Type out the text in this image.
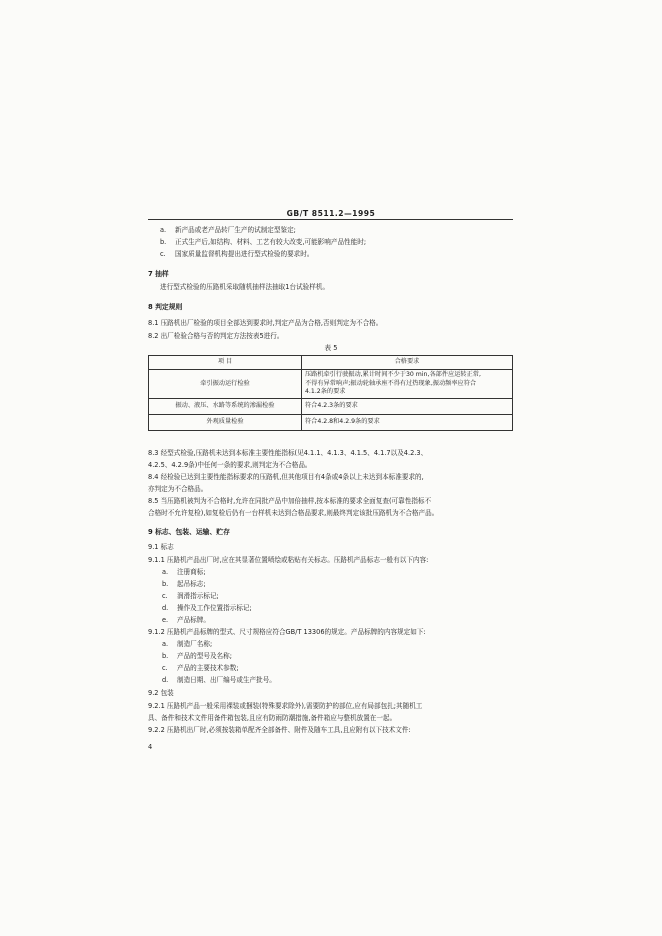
GB/T 8511.2—1995
a. 新产品或老产品转厂生产的试制定型鉴定;
b. 正式生产后,如结构、材料、工艺有较大改变,可能影响产品性能时;
c. 国家质量监督机构提出进行型式检验的要求时。
7 抽样
进行型式检验的压路机采取随机抽样法抽取1台试验样机。
8 判定规则
8.1 压路机出厂检验的项目全部达到要求时,判定产品为合格,否则判定为不合格。
8.2 出厂检验合格与否的判定方法按表5进行。
表 5
项 目	合格要求
牵引振动运行检验	压路机牵引行驶振动,累计时间不少于30 min,各部件应运转正常,
不得有异常响声;振动轮轴承座不得有过热现象,振动频率应符合
4.1.2条的要求

振动、液压、水路等系统的渗漏检验	符合4.2.3条的要求
外观质量检验	符合4.2.8和4.2.9条的要求
8.3 经型式检验,压路机未达到本标准主要性能指标(见4.1.1、4.1.3、4.1.5、4.1.7以及4.2.3、
4.2.5、4.2.9条)中任何一条的要求,则判定为不合格品。
8.4 经检验已达到主要性能指标要求的压路机,但其他项目有4条或4条以上未达到本标准要求的,
亦判定为不合格品。
8.5 当压路机被判为不合格时,允许在同批产品中加倍抽样,按本标准的要求全面复查(可靠性指标不
合格时不允许复检),如复检后仍有一台样机未达到合格品要求,则最终判定该批压路机为不合格产品。
9 标志、包装、运输、贮存
9.1 标志
9.1.1 压路机产品出厂时,应在其显著位置喷绘或粘贴有关标志。压路机产品标志一般有以下内容:
a. 注册商标;
b. 起吊标志;
c. 润滑指示标记;
d. 操作及工作位置指示标记;
e. 产品标牌。
9.1.2 压路机产品标牌的型式、尺寸规格应符合GB/T 13306的规定。产品标牌的内容规定如下:
a. 制造厂名称;
b. 产品的型号及名称;
c. 产品的主要技术参数;
d. 制造日期、出厂编号或生产批号。
9.2 包装
9.2.1 压路机产品一般采用裸装或捆装(特殊要求除外),需要防护的部位,应有局部包扎;其随机工
具、备件和技术文件用备件箱包装,且应有防雨防潮措施,备件箱应与整机放置在一起。
9.2.2 压路机出厂时,必须按装箱单配齐全部备件、附件及随车工具,且应附有以下技术文件:
4
